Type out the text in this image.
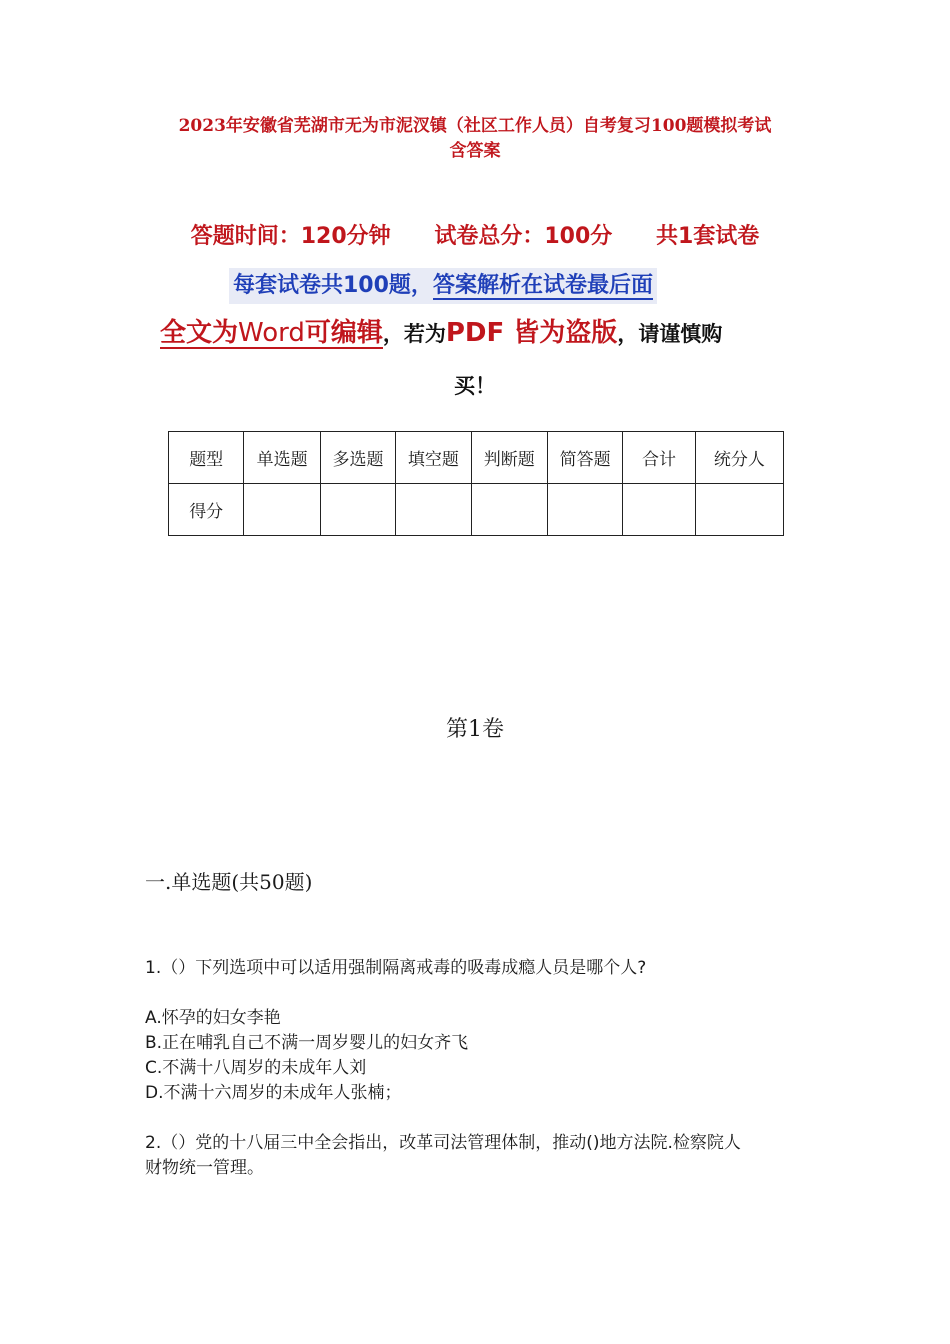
2023年安徽省芜湖市无为市泥汊镇（社区工作人员）自考复习100题模拟考试
含答案
答题时间：120分钟 试卷总分：100分 共1套试卷
每套试卷共100题，答案解析在试卷最后面
全文为Word可编辑，若为PDF 皆为盗版，请谨慎购
买！
题型	单选题	多选题	填空题	判断题	简答题	合计	统分人
得分							
第1卷
一.单选题(共50题)
1.（）下列选项中可以适用强制隔离戒毒的吸毒成瘾人员是哪个人?
A.怀孕的妇女李艳
B.正在哺乳自己不满一周岁婴儿的妇女齐飞
C.不满十八周岁的未成年人刘
D.不满十六周岁的未成年人张楠；
2.（）党的十八届三中全会指出，改革司法管理体制，推动()地方法院.检察院人
财物统一管理。
